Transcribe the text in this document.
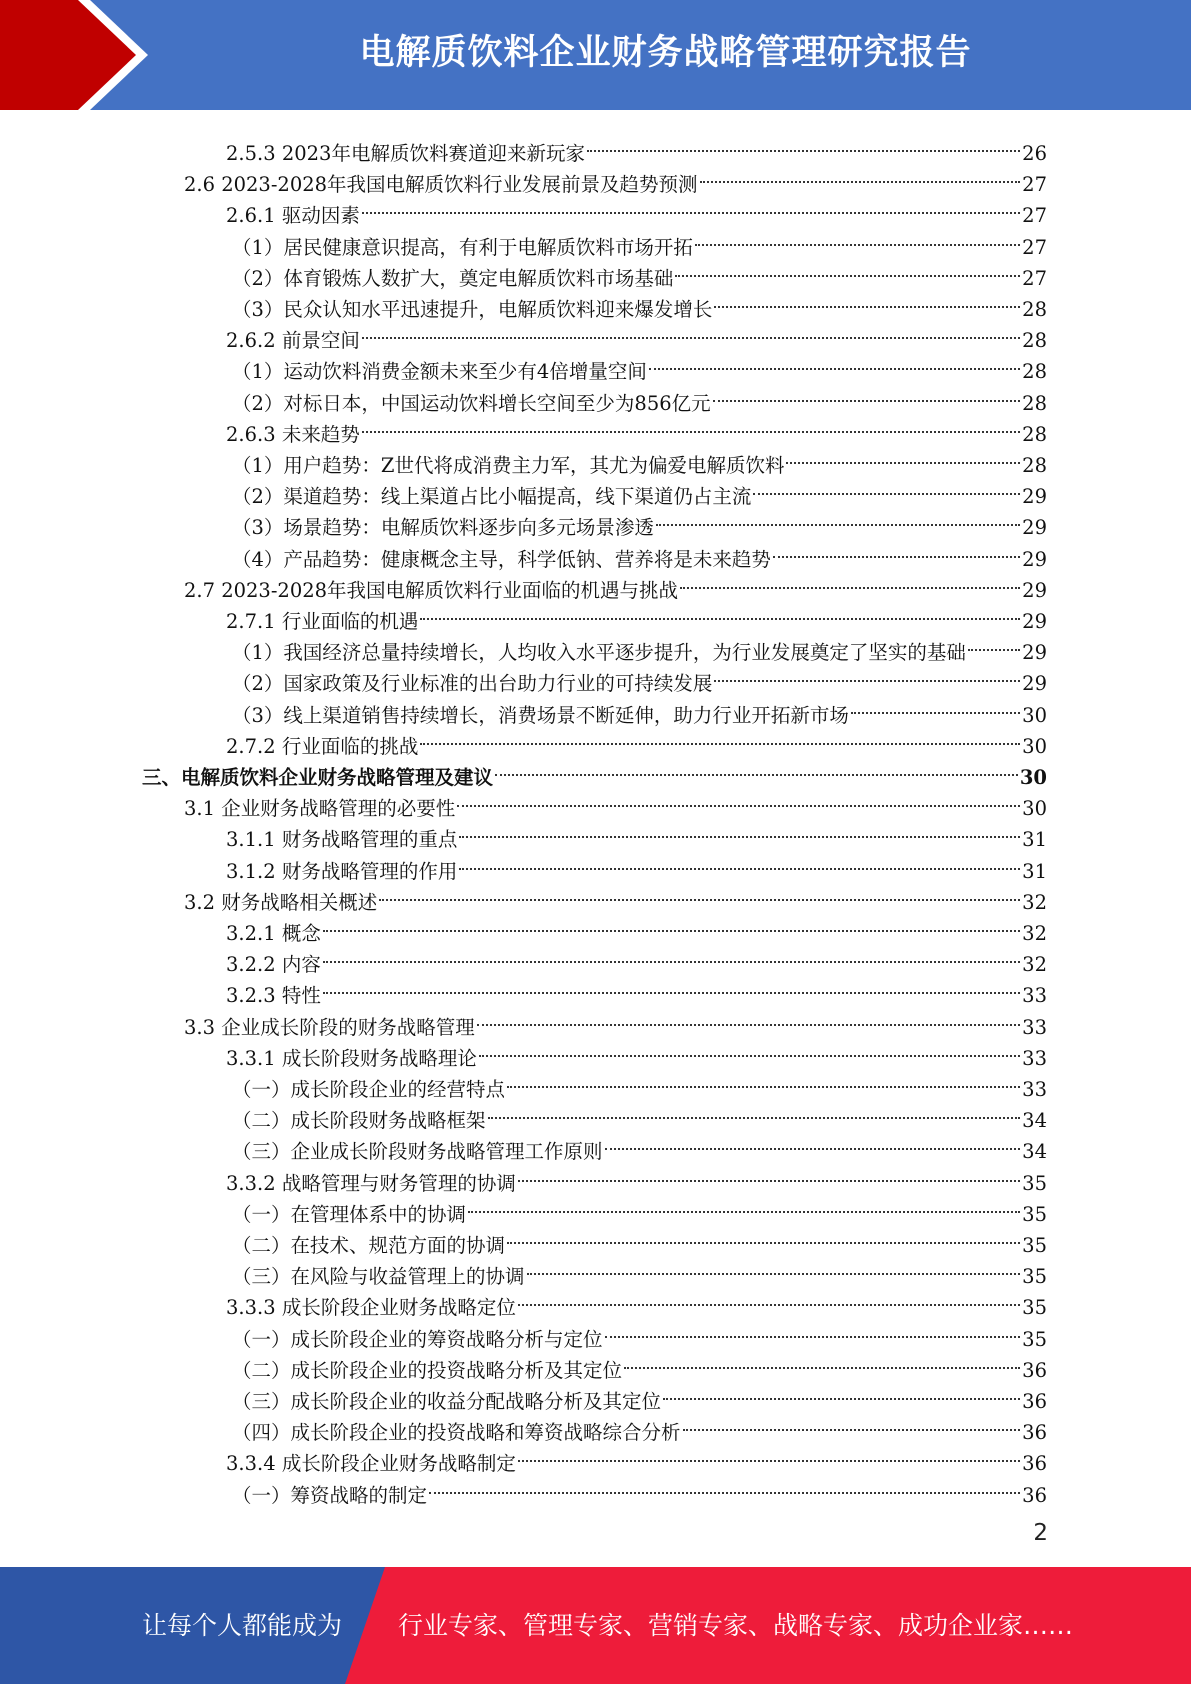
电解质饮料企业财务战略管理研究报告
2.5.3 2023年电解质饮料赛道迎来新玩家	26
2.6 2023-2028年我国电解质饮料行业发展前景及趋势预测	27
2.6.1 驱动因素	27
（1）居民健康意识提高，有利于电解质饮料市场开拓	27
（2）体育锻炼人数扩大，奠定电解质饮料市场基础	27
（3）民众认知水平迅速提升，电解质饮料迎来爆发增长	28
2.6.2 前景空间	28
（1）运动饮料消费金额未来至少有4倍增量空间	28
（2）对标日本，中国运动饮料增长空间至少为856亿元	28
2.6.3 未来趋势	28
（1）用户趋势：Z世代将成消费主力军，其尤为偏爱电解质饮料	28
（2）渠道趋势：线上渠道占比小幅提高，线下渠道仍占主流	29
（3）场景趋势：电解质饮料逐步向多元场景渗透	29
（4）产品趋势：健康概念主导，科学低钠、营养将是未来趋势	29
2.7 2023-2028年我国电解质饮料行业面临的机遇与挑战	29
2.7.1 行业面临的机遇	29
（1）我国经济总量持续增长，人均收入水平逐步提升，为行业发展奠定了坚实的基础	29
（2）国家政策及行业标准的出台助力行业的可持续发展	29
（3）线上渠道销售持续增长，消费场景不断延伸，助力行业开拓新市场	30
2.7.2 行业面临的挑战	30
三、电解质饮料企业财务战略管理及建议	30
3.1 企业财务战略管理的必要性	30
3.1.1 财务战略管理的重点	31
3.1.2 财务战略管理的作用	31
3.2 财务战略相关概述	32
3.2.1 概念	32
3.2.2 内容	32
3.2.3 特性	33
3.3 企业成长阶段的财务战略管理	33
3.3.1 成长阶段财务战略理论	33
（一）成长阶段企业的经营特点	33
（二）成长阶段财务战略框架	34
（三）企业成长阶段财务战略管理工作原则	34
3.3.2 战略管理与财务管理的协调	35
（一）在管理体系中的协调	35
（二）在技术、规范方面的协调	35
（三）在风险与收益管理上的协调	35
3.3.3 成长阶段企业财务战略定位	35
（一）成长阶段企业的筹资战略分析与定位	35
（二）成长阶段企业的投资战略分析及其定位	36
（三）成长阶段企业的收益分配战略分析及其定位	36
（四）成长阶段企业的投资战略和筹资战略综合分析	36
3.3.4 成长阶段企业财务战略制定	36
（一）筹资战略的制定	36
2
让每个人都能成为 行业专家、管理专家、营销专家、战略专家、成功企业家……
